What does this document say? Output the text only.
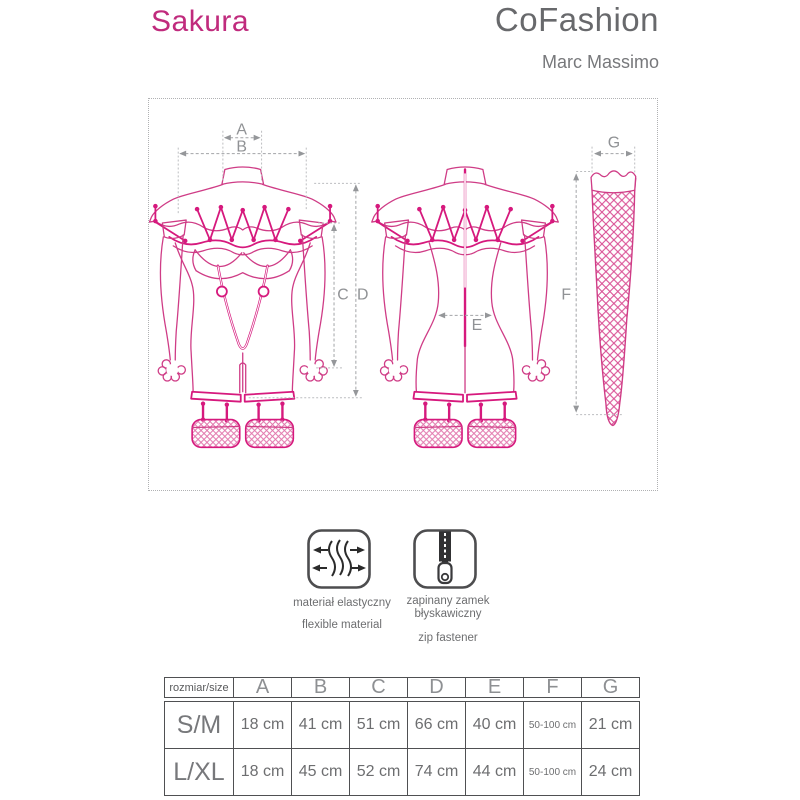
Sakura	CoFashion
Marc Massimo
A
B
C D
E
F
G
materiał elastyczny
flexible material
zapinany zamek
błyskawiczny
zip fastener
rozmiar/size	A	B	C	D	E	F	G
S/M	18 cm 41 cm 51 cm 66 cm 40 cm	50-100 cm 21 cm
L/XL 18 cm 45 cm 52 cm 74 cm 44 cm	50-100 cm 24 cm
